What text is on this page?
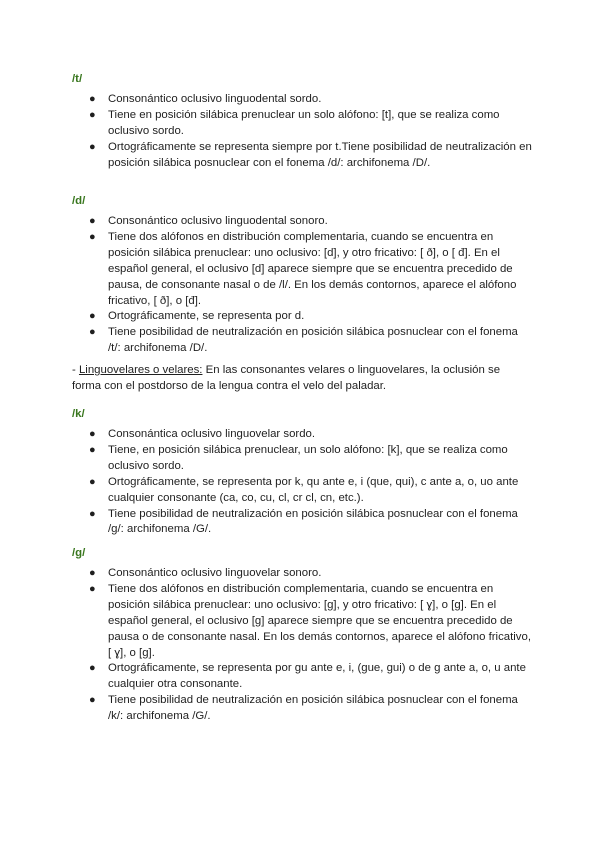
/t/
● Consonántico oclusivo linguodental sordo.
● Tiene en posición silábica prenuclear un solo alófono: [t], que se realiza como oclusivo sordo.
● Ortográficamente se representa siempre por t.Tiene posibilidad de neutralización en posición silábica posnuclear con el fonema /d/: archifonema /D/.
/d/
● Consonántico oclusivo linguodental sonoro.
● Tiene dos alófonos en distribución complementaria, cuando se encuentra en posición silábica prenuclear: uno oclusivo: [d], y otro fricativo: [ ð], o [ đ]. En el español general, el oclusivo [d] aparece siempre que se encuentra precedido de pausa, de consonante nasal o de /l/. En los demás contornos, aparece el alófono fricativo, [ ð], o [đ].
● Ortográficamente, se representa por d.
● Tiene posibilidad de neutralización en posición silábica posnuclear con el fonema /t/: archifonema /D/.
- Linguovelares o velares: En las consonantes velares o linguovelares, la oclusión se forma con el postdorso de la lengua contra el velo del paladar.
/k/
● Consonántica oclusivo linguovelar sordo.
● Tiene, en posición silábica prenuclear, un solo alófono: [k], que se realiza como oclusivo sordo.
● Ortográficamente, se representa por k, qu ante e, i (que, qui), c ante a, o, uo ante cualquier consonante (ca, co, cu, cl, cr cl, cn, etc.).
● Tiene posibilidad de neutralización en posición silábica posnuclear con el fonema /g/: archifonema /G/.
/g/
● Consonántico oclusivo linguovelar sonoro.
● Tiene dos alófonos en distribución complementaria, cuando se encuentra en posición silábica prenuclear: uno oclusivo: [g], y otro fricativo: [ ɣ], o [g]. En el español general, el oclusivo [g] aparece siempre que se encuentra precedido de pausa o de consonante nasal. En los demás contornos, aparece el alófono fricativo, [ ɣ], o [g].
● Ortográficamente, se representa por gu ante e, i, (gue, gui) o de g ante a, o, u ante cualquier otra consonante.
● Tiene posibilidad de neutralización en posición silábica posnuclear con el fonema /k/: archifonema /G/.
